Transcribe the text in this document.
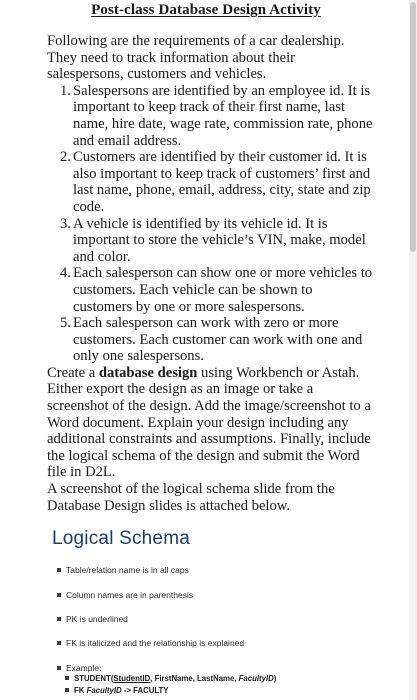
Post-class Database Design Activity

Following are the requirements of a car dealership. They need to track information about their salespersons, customers and vehicles.

1. Salespersons are identified by an employee id. It is important to keep track of their first name, last name, hire date, wage rate, commission rate, phone and email address.
2. Customers are identified by their customer id. It is also important to keep track of customers’ first and last name, phone, email, address, city, state and zip code.
3. A vehicle is identified by its vehicle id. It is important to store the vehicle’s VIN, make, model and color.
4. Each salesperson can show one or more vehicles to customers. Each vehicle can be shown to customers by one or more salespersons.
5. Each salesperson can work with zero or more customers. Each customer can work with one and only one salespersons.

Create a database design using Workbench or Astah. Either export the design as an image or take a screenshot of the design. Add the image/screenshot to a Word document. Explain your design including any additional constraints and assumptions. Finally, include the logical schema of the design and submit the Word file in D2L.

A screenshot of the logical schema slide from the Database Design slides is attached below.

Logical Schema
Table/relation name is in all caps
Column names are in parenthesis
PK is underlined
FK is italicized and the relationship is explained
Example:
STUDENT(StudentID, FirstName, LastName, FacultyID)
FK FacultyID -> FACULTY
